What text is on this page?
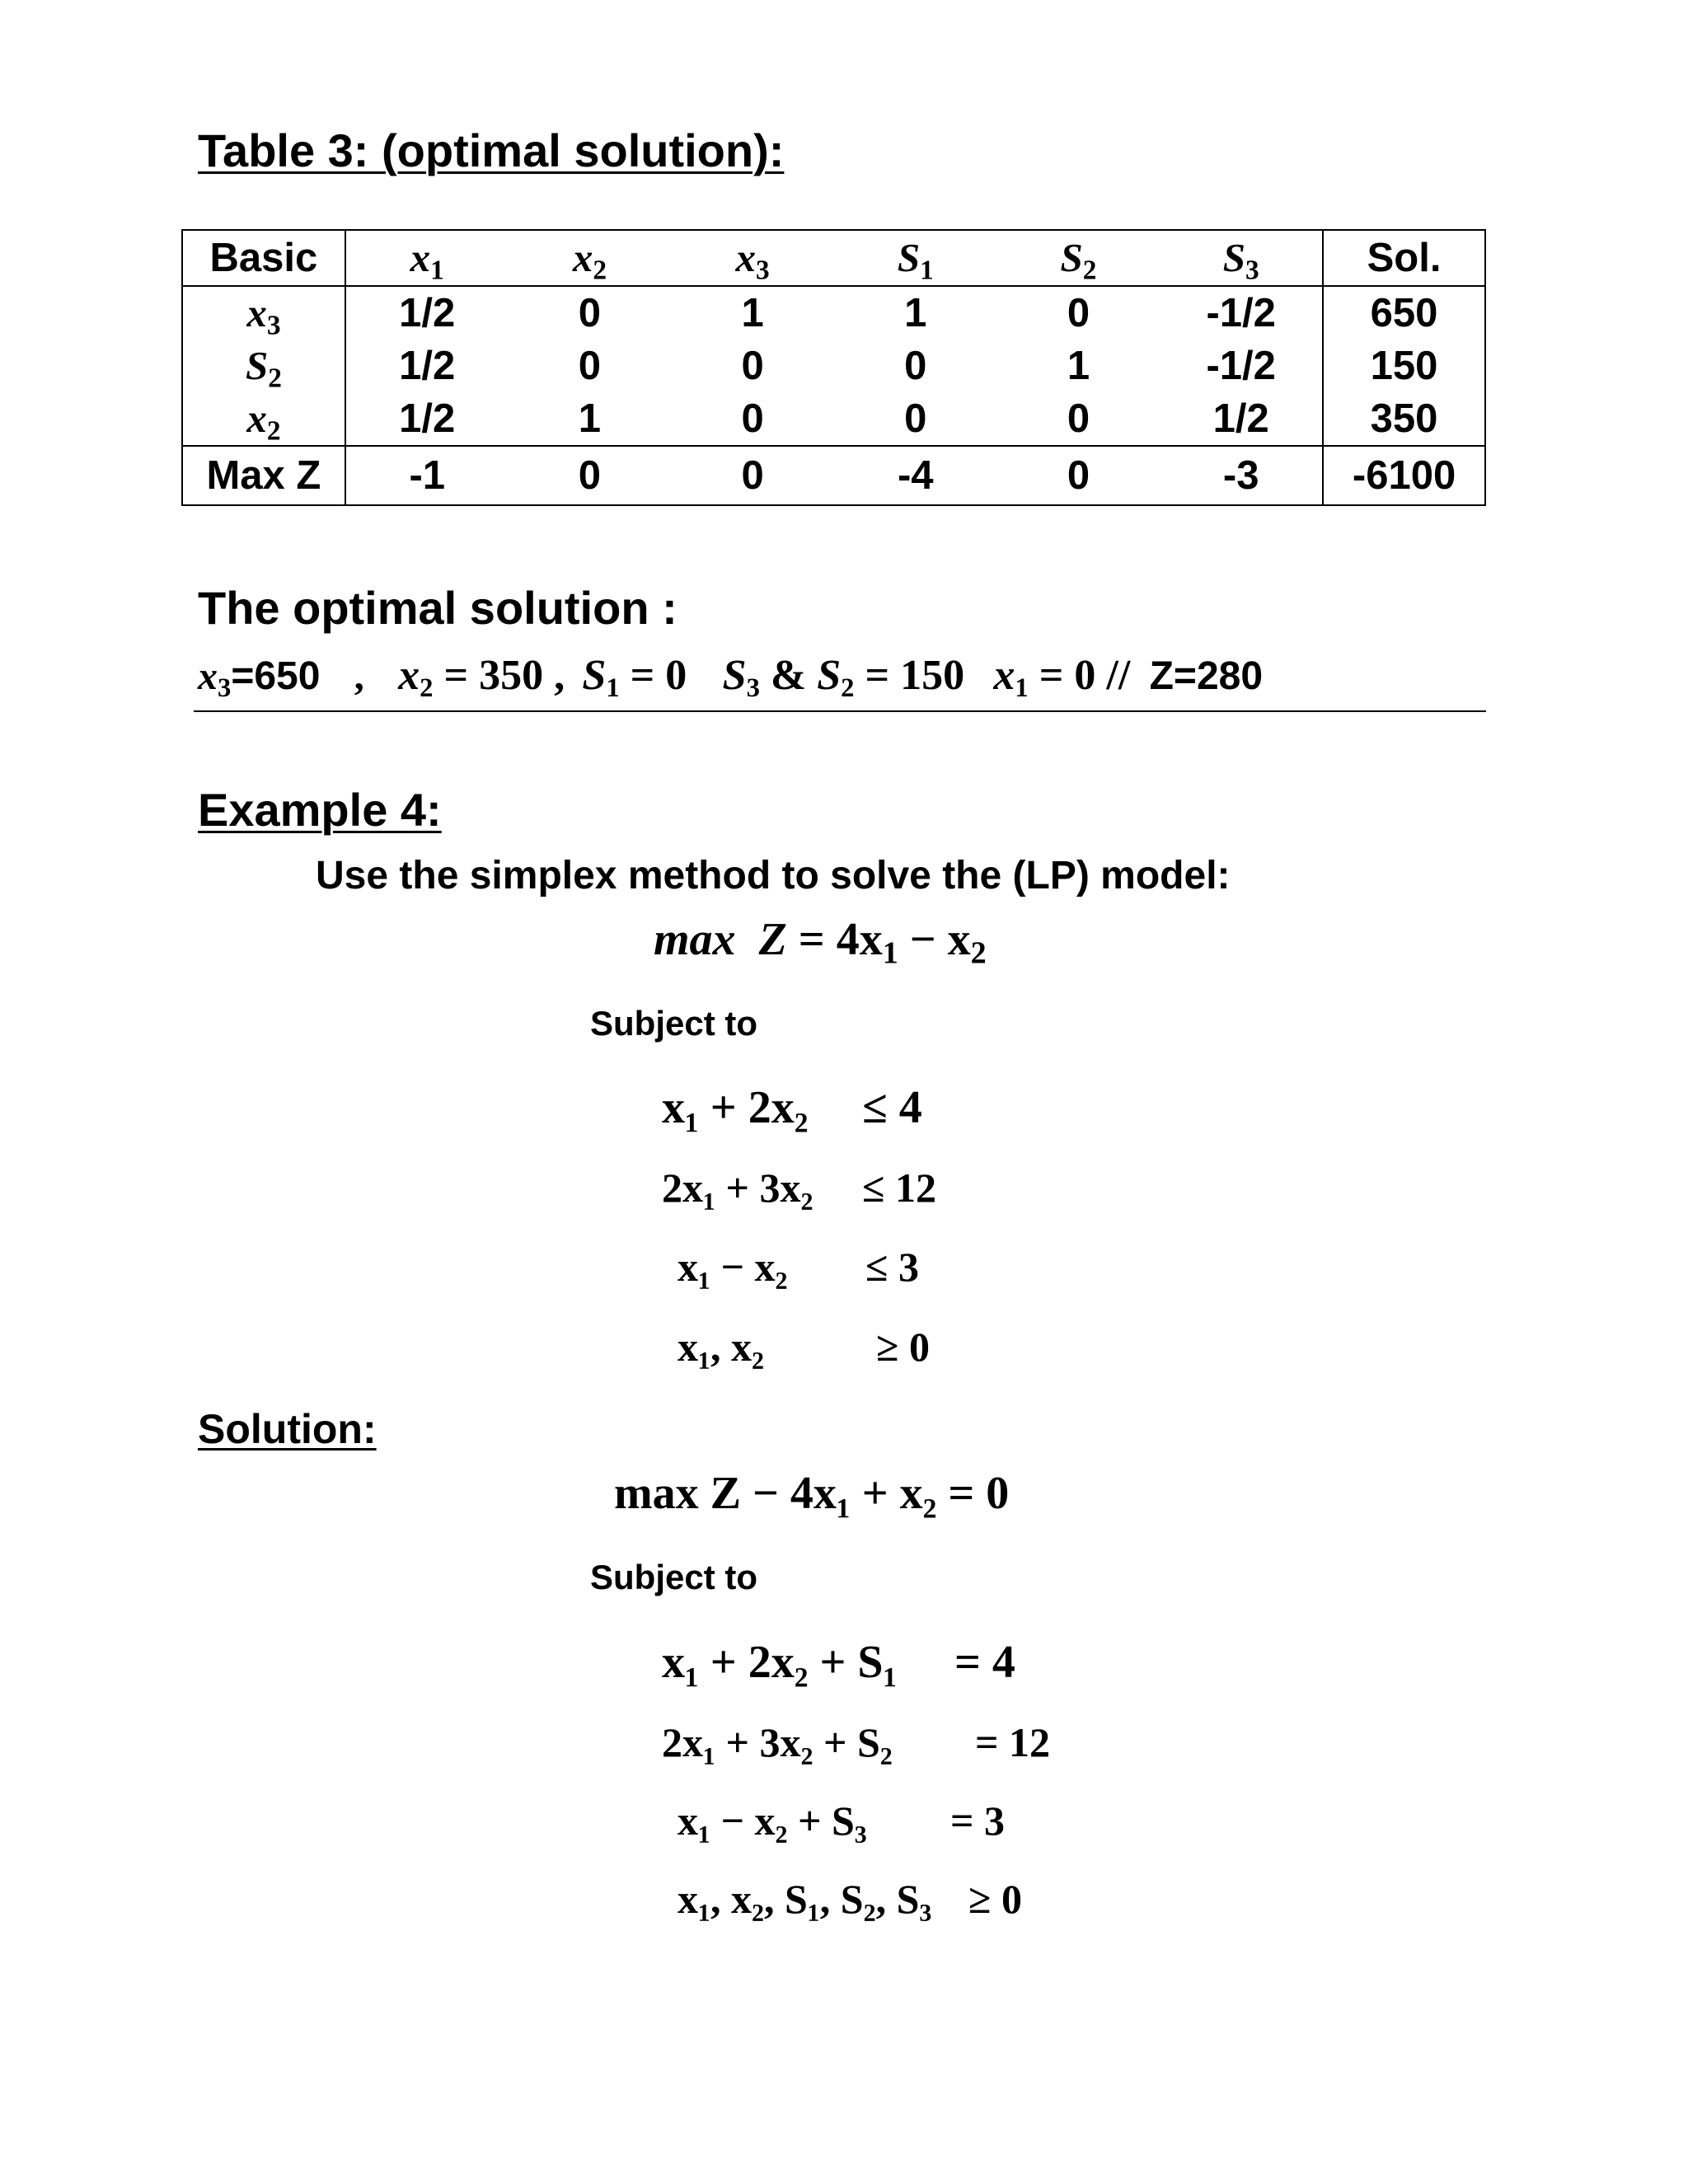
Table 3: (optimal solution):
Basic	$x_1$	$x_2$	$x_3$	$S_1$	$S_2$	$S_3$	Sol.
$x_3$	1/2	0	1	1	0	-1/2	650
$S_2$	1/2	0	0	0	1	-1/2	150
$x_2$	1/2	1	0	0	0	1/2	350
Max Z	-1	0	0	-4	0	-3	-6100
The optimal solution :
$x_3=650$ , $x_2 = 350$ , $S_1 = 0$ $S_3$ & $S_2 = 150$ $x_1 = 0 // Z=280$
Example 4:
Use the simplex method to solve the (LP) model:
$\max Z = 4x_1 - x_2$
Subject to
x₁ + 2x₂ ≤ 4
2x₁ + 3x₂ ≤ 12
x₁ − x₂ ≤ 3
x₁, x₂	≥ 0
Solution:
max Z − 4x₁ + x₂ = 0
Subject to
x₁ + 2x₂ + S₁ = 4
2x₁ + 3x₂ + S₂ = 12
x₁ − x₂ + S₃ = 3
x₁, x₂, S₁, S₂, S₃ ≥ 0
